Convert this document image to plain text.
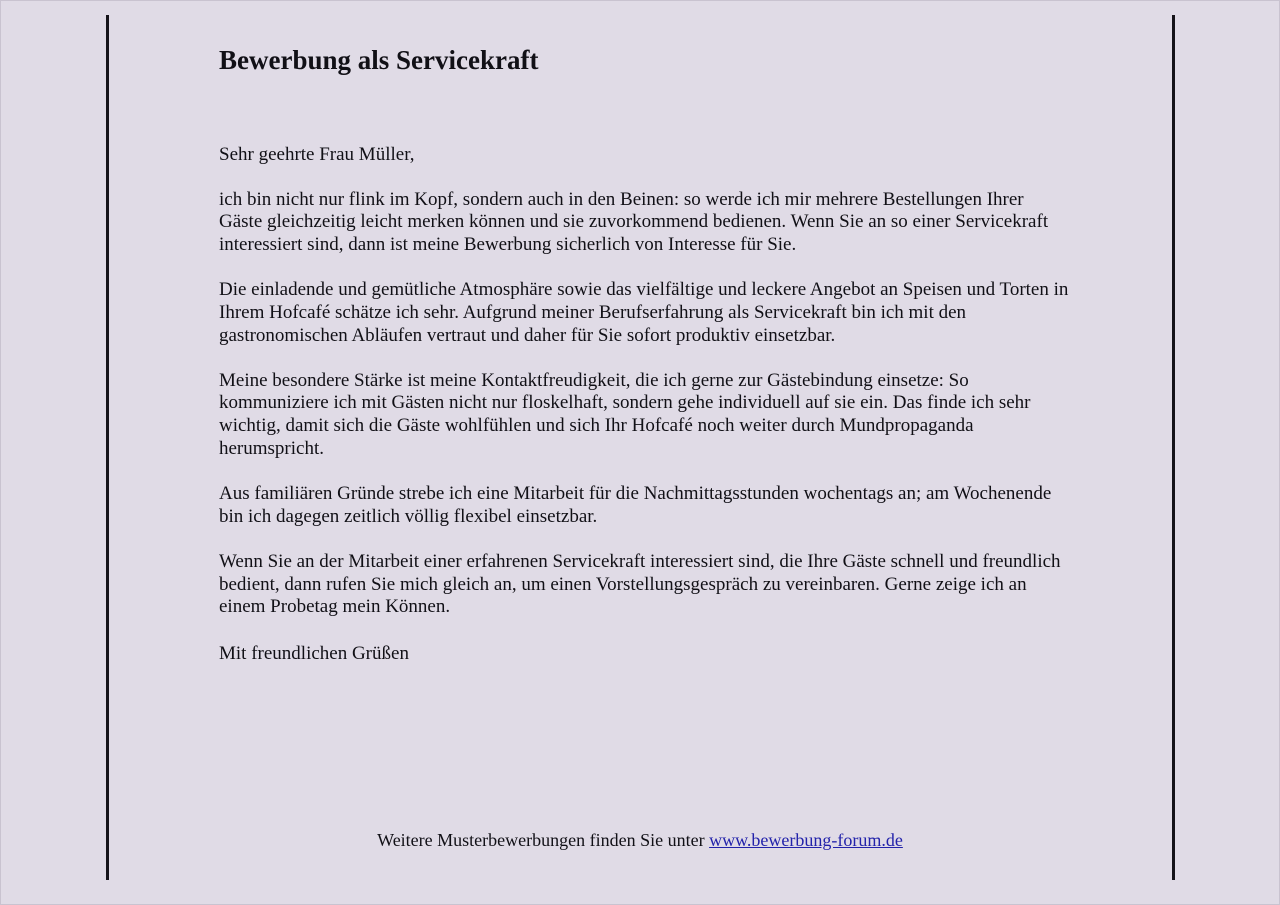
Bewerbung als Servicekraft

Sehr geehrte Frau Müller,

ich bin nicht nur flink im Kopf, sondern auch in den Beinen: so werde ich mir mehrere Bestellungen Ihrer Gäste gleichzeitig leicht merken können und sie zuvorkommend bedienen. Wenn Sie an so einer Servicekraft interessiert sind, dann ist meine Bewerbung sicherlich von Interesse für Sie.

Die einladende und gemütliche Atmosphäre sowie das vielfältige und leckere Angebot an Speisen und Torten in Ihrem Hofcafé schätze ich sehr. Aufgrund meiner Berufserfahrung als Servicekraft bin ich mit den gastronomischen Abläufen vertraut und daher für Sie sofort produktiv einsetzbar.

Meine besondere Stärke ist meine Kontaktfreudigkeit, die ich gerne zur Gästebindung einsetze: So kommuniziere ich mit Gästen nicht nur floskelhaft, sondern gehe individuell auf sie ein. Das finde ich sehr wichtig, damit sich die Gäste wohlfühlen und sich Ihr Hofcafé noch weiter durch Mundpropaganda herumspricht.

Aus familiären Gründe strebe ich eine Mitarbeit für die Nachmittagsstunden wochentags an; am Wochenende bin ich dagegen zeitlich völlig flexibel einsetzbar.

Wenn Sie an der Mitarbeit einer erfahrenen Servicekraft interessiert sind, die Ihre Gäste schnell und freundlich bedient, dann rufen Sie mich gleich an, um einen Vorstellungsgespräch zu vereinbaren. Gerne zeige ich an einem Probetag mein Können.

Mit freundlichen Grüßen

Weitere Musterbewerbungen finden Sie unter www.bewerbung-forum.de
